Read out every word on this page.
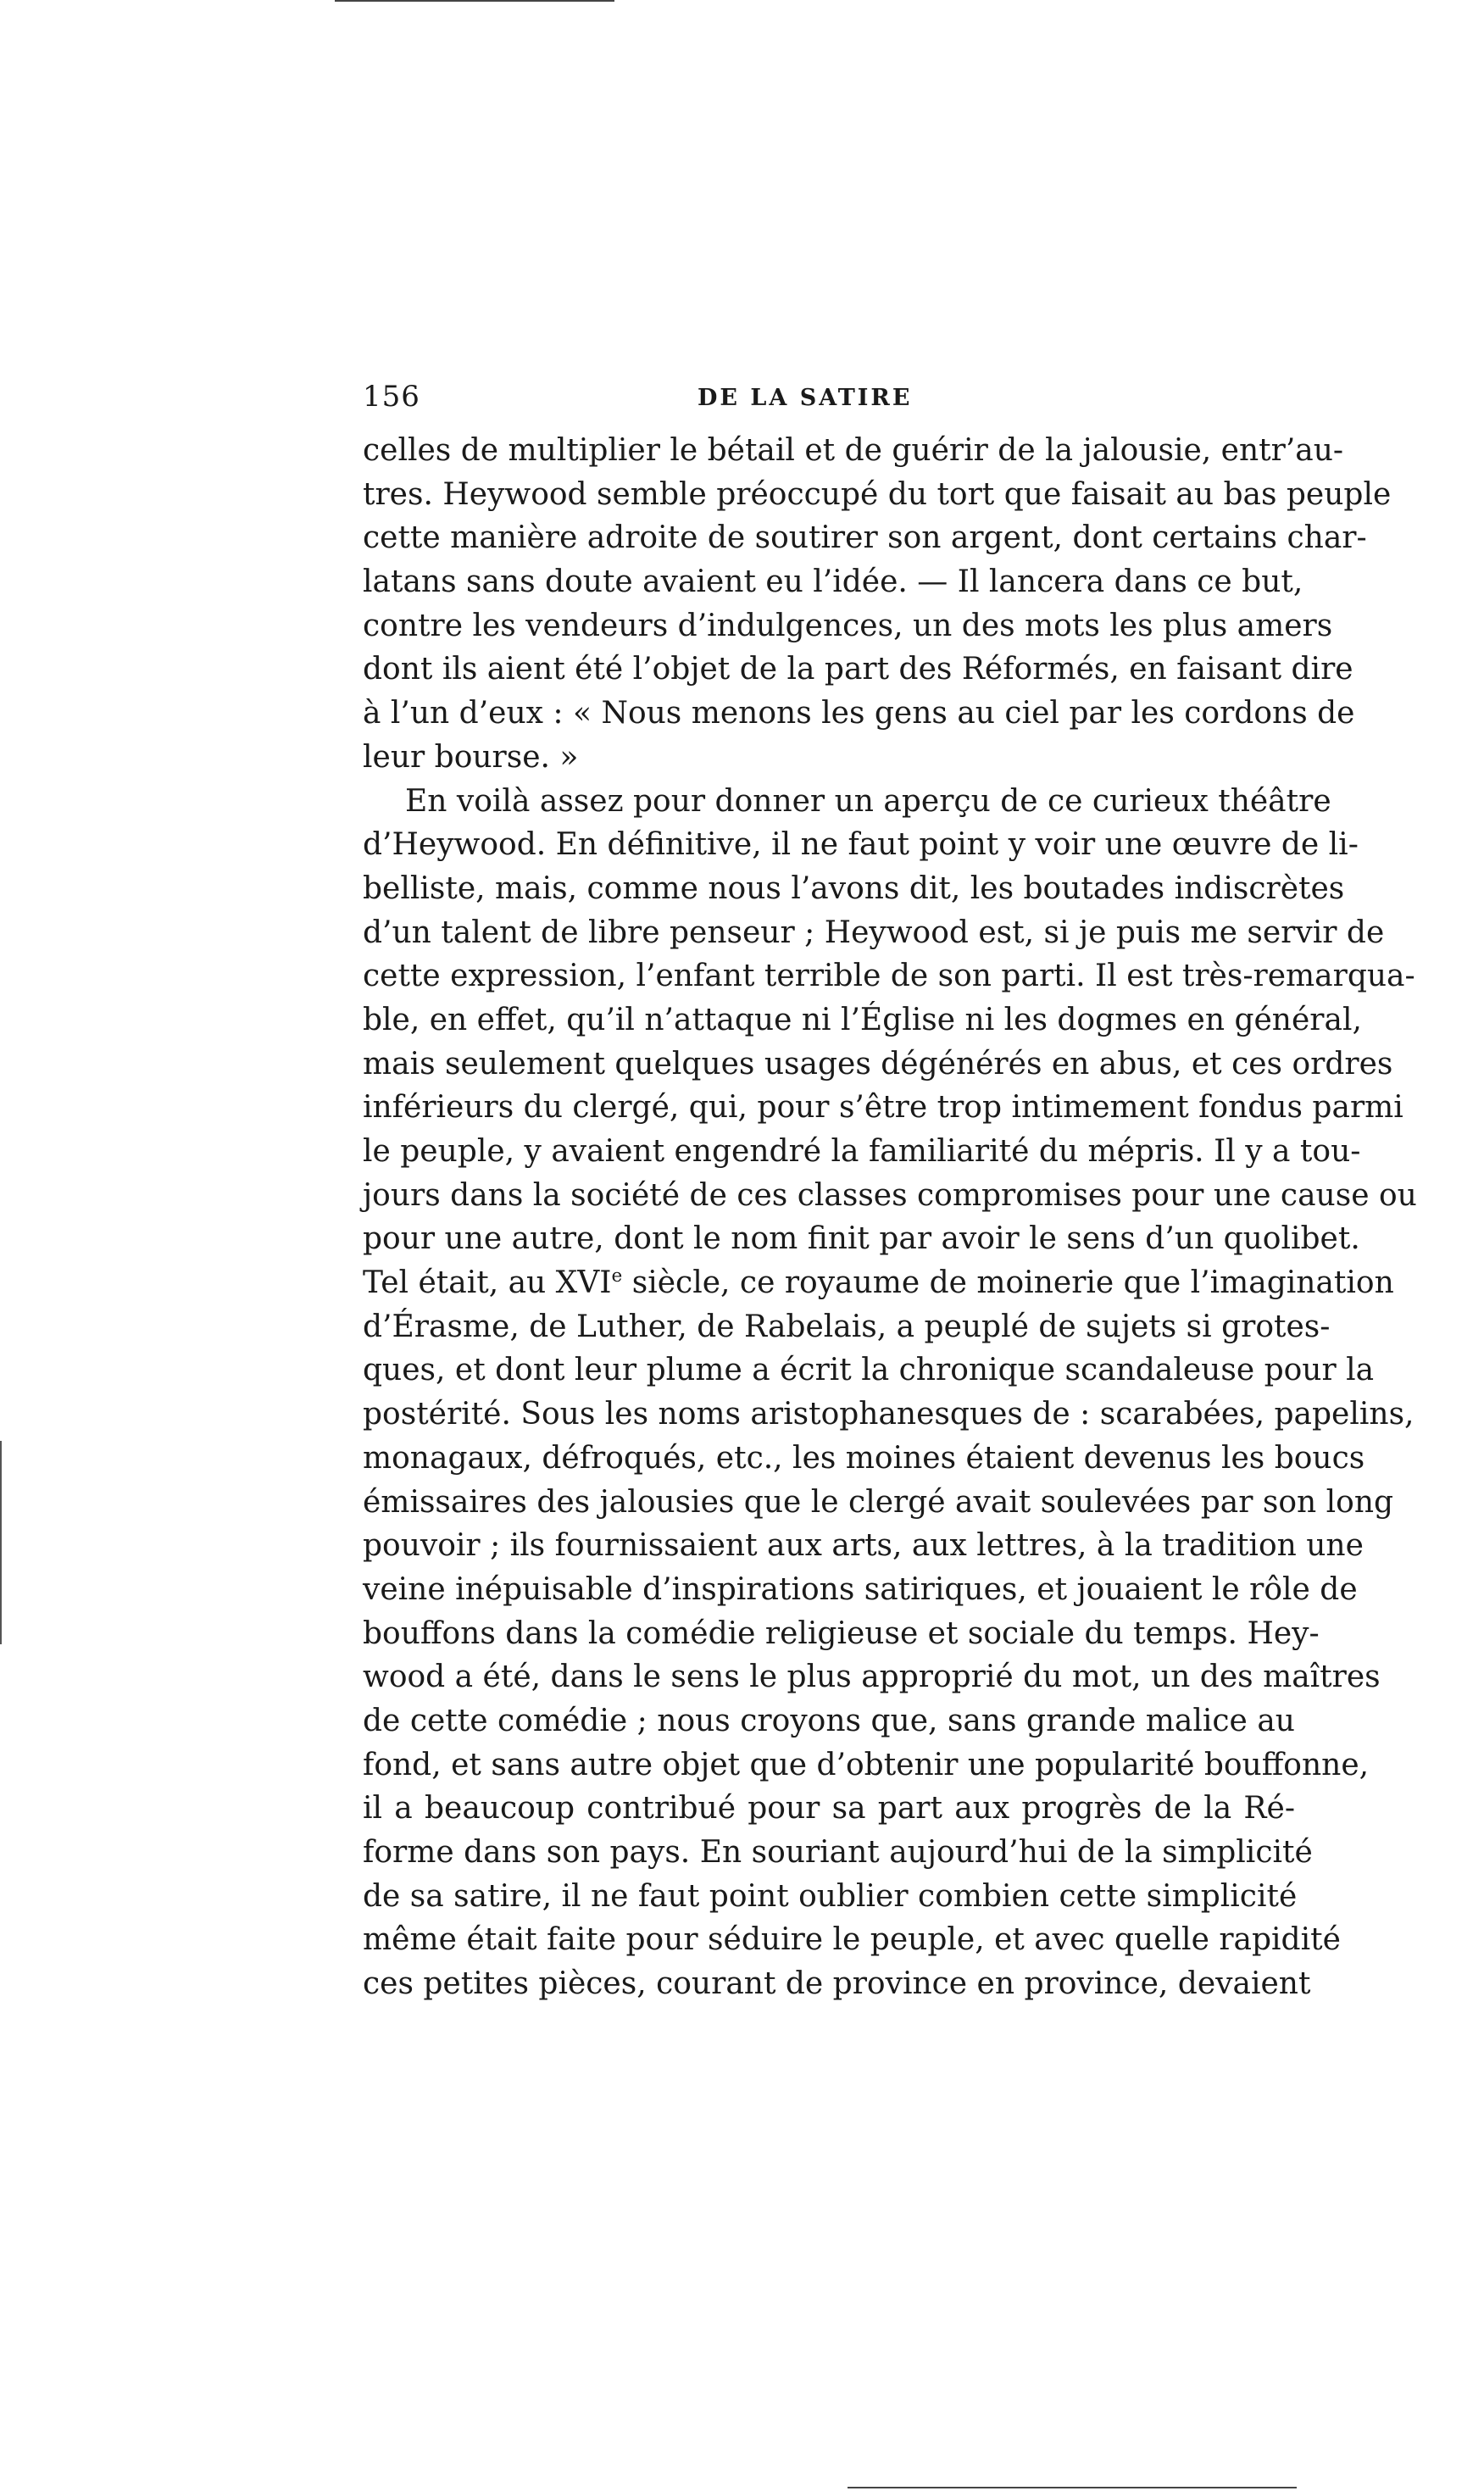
156	DE LA SATIRE
celles de multiplier le bétail et de guérir de la jalousie, entr’au-
tres. Heywood semble préoccupé du tort que faisait au bas peuple
cette manière adroite de soutirer son argent, dont certains char-
latans sans doute avaient eu l’idée. — Il lancera dans ce but,
contre les vendeurs d’indulgences, un des mots les plus amers
dont ils aient été l’objet de la part des Réformés, en faisant dire
à l’un d’eux : « Nous menons les gens au ciel par les cordons de
leur bourse. »
En voilà assez pour donner un aperçu de ce curieux théâtre
d’Heywood. En définitive, il ne faut point y voir une œuvre de li-
belliste, mais, comme nous l’avons dit, les boutades indiscrètes
d’un talent de libre penseur ; Heywood est, si je puis me servir de
cette expression, l’enfant terrible de son parti. Il est très-remarqua-
ble, en effet, qu’il n’attaque ni l’Église ni les dogmes en général,
mais seulement quelques usages dégénérés en abus, et ces ordres
inférieurs du clergé, qui, pour s’être trop intimement fondus parmi
le peuple, y avaient engendré la familiarité du mépris. Il y a tou-
jours dans la société de ces classes compromises pour une cause ou
pour une autre, dont le nom finit par avoir le sens d’un quolibet.
Tel était, au XVIe siècle, ce royaume de moinerie que l’imagination
d’Érasme, de Luther, de Rabelais, a peuplé de sujets si grotes-
ques, et dont leur plume a écrit la chronique scandaleuse pour la
postérité. Sous les noms aristophanesques de : scarabées, papelins,
monagaux, défroqués, etc., les moines étaient devenus les boucs
émissaires des jalousies que le clergé avait soulevées par son long
pouvoir ; ils fournissaient aux arts, aux lettres, à la tradition une
veine inépuisable d’inspirations satiriques, et jouaient le rôle de
bouffons dans la comédie religieuse et sociale du temps. Hey-
wood a été, dans le sens le plus approprié du mot, un des maîtres
de cette comédie ; nous croyons que, sans grande malice au
fond, et sans autre objet que d’obtenir une popularité bouffonne,
il a beaucoup contribué pour sa part aux progrès de la Ré-
forme dans son pays. En souriant aujourd’hui de la simplicité
de sa satire, il ne faut point oublier combien cette simplicité
même était faite pour séduire le peuple, et avec quelle rapidité
ces petites pièces, courant de province en province, devaient
